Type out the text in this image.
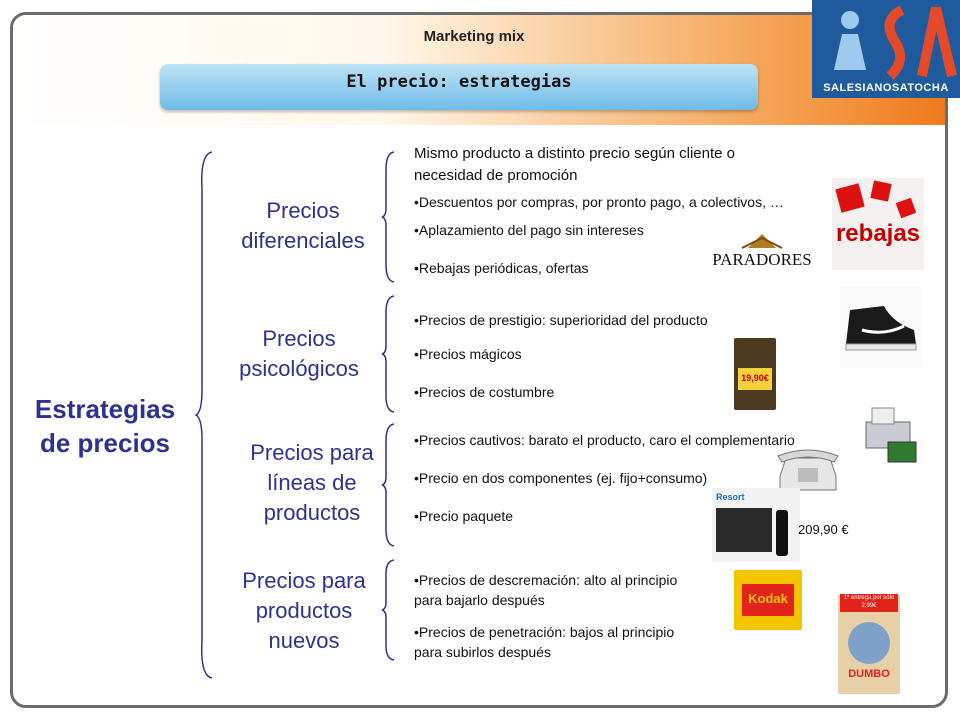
Marketing mix
El precio: estrategias	SALESIANOSATOCHA
Estrategias
de precios
Precios
diferenciales
Precios
psicológicos
Precios para
líneas de
productos
Precios para
productos
nuevos
Mismo producto a distinto precio según cliente o
necesidad de promoción
•Descuentos por compras, por pronto pago, a colectivos, …
•Aplazamiento del pago sin intereses
•Rebajas periódicas, ofertas
•Precios de prestigio: superioridad del producto
•Precios mágicos
•Precios de costumbre
•Precios cautivos: barato el producto, caro el complementario
•Precio en dos componentes (ej. fijo+consumo)
•Precio paquete
•Precios de descremación: alto al principio
para bajarlo después
•Precios de penetración: bajos al principio
para subirlos después
rebajas
PARADORES
19,90€
Resort
209,90 €
Kodak	1ª entrega por sólo 2,99€
DUMBO
